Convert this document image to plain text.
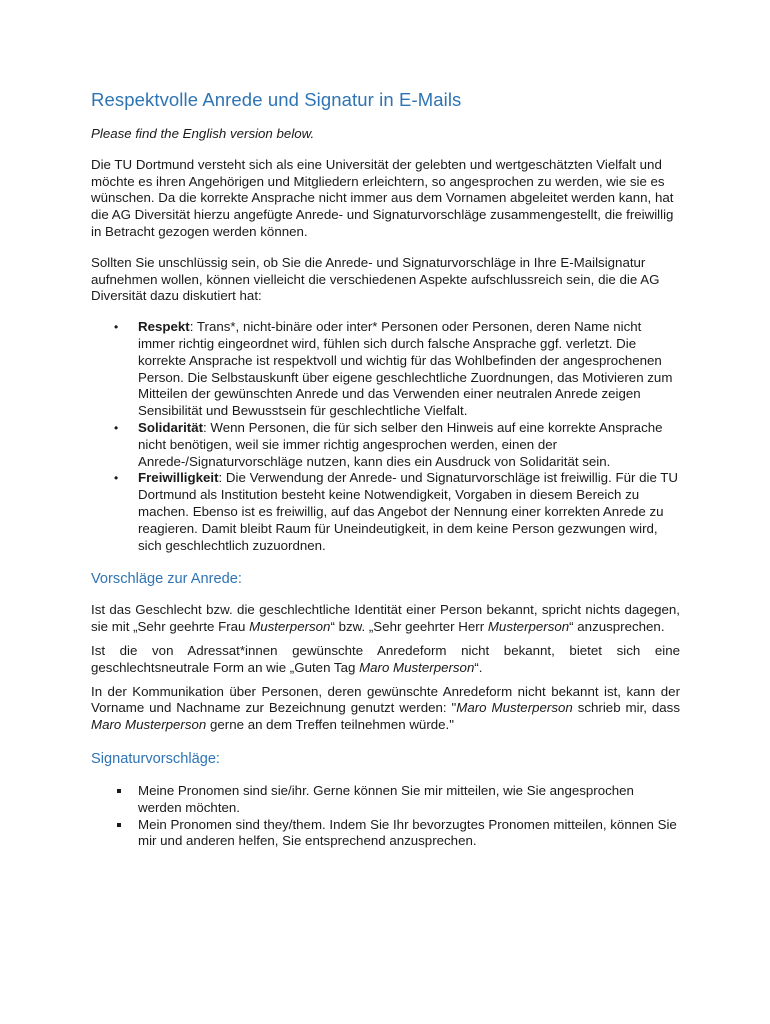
Respektvolle Anrede und Signatur in E-Mails

Please find the English version below.

Die TU Dortmund versteht sich als eine Universität der gelebten und wertgeschätzten Vielfalt und möchte es ihren Angehörigen und Mitgliedern erleichtern, so angesprochen zu werden, wie sie es wünschen. Da die korrekte Ansprache nicht immer aus dem Vornamen abgeleitet werden kann, hat die AG Diversität hierzu angefügte Anrede- und Signaturvorschläge zusammengestellt, die freiwillig in Betracht gezogen werden können.

Sollten Sie unschlüssig sein, ob Sie die Anrede- und Signaturvorschläge in Ihre E-Mailsignatur aufnehmen wollen, können vielleicht die verschiedenen Aspekte aufschlussreich sein, die die AG Diversität dazu diskutiert hat:

• Respekt: Trans*, nicht-binäre oder inter* Personen oder Personen, deren Name nicht immer richtig eingeordnet wird, fühlen sich durch falsche Ansprache ggf. verletzt. Die korrekte Ansprache ist respektvoll und wichtig für das Wohlbefinden der angesprochenen Person. Die Selbstauskunft über eigene geschlechtliche Zuordnungen, das Motivieren zum Mitteilen der gewünschten Anrede und das Verwenden einer neutralen Anrede zeigen Sensibilität und Bewusstsein für geschlechtliche Vielfalt.
• Solidarität: Wenn Personen, die für sich selber den Hinweis auf eine korrekte Ansprache nicht benötigen, weil sie immer richtig angesprochen werden, einen der Anrede-/Signaturvorschläge nutzen, kann dies ein Ausdruck von Solidarität sein.
• Freiwilligkeit: Die Verwendung der Anrede- und Signaturvorschläge ist freiwillig. Für die TU Dortmund als Institution besteht keine Notwendigkeit, Vorgaben in diesem Bereich zu machen. Ebenso ist es freiwillig, auf das Angebot der Nennung einer korrekten Anrede zu reagieren. Damit bleibt Raum für Uneindeutigkeit, in dem keine Person gezwungen wird, sich geschlechtlich zuzuordnen.
Vorschläge zur Anrede:

Ist das Geschlecht bzw. die geschlechtliche Identität einer Person bekannt, spricht nichts dagegen, sie mit „Sehr geehrte Frau Musterperson“ bzw. „Sehr geehrter Herr Musterperson“ anzusprechen.

Ist die von Adressat*innen gewünschte Anredeform nicht bekannt, bietet sich eine geschlechtsneutrale Form an wie „Guten Tag Maro Musterperson“.

In der Kommunikation über Personen, deren gewünschte Anredeform nicht bekannt ist, kann der Vorname und Nachname zur Bezeichnung genutzt werden: "Maro Musterperson schrieb mir, dass Maro Musterperson gerne an dem Treffen teilnehmen würde."

Signaturvorschläge:
Meine Pronomen sind sie/ihr. Gerne können Sie mir mitteilen, wie Sie angesprochen werden möchten.
Mein Pronomen sind they/them. Indem Sie Ihr bevorzugtes Pronomen mitteilen, können Sie mir und anderen helfen, Sie entsprechend anzusprechen.
